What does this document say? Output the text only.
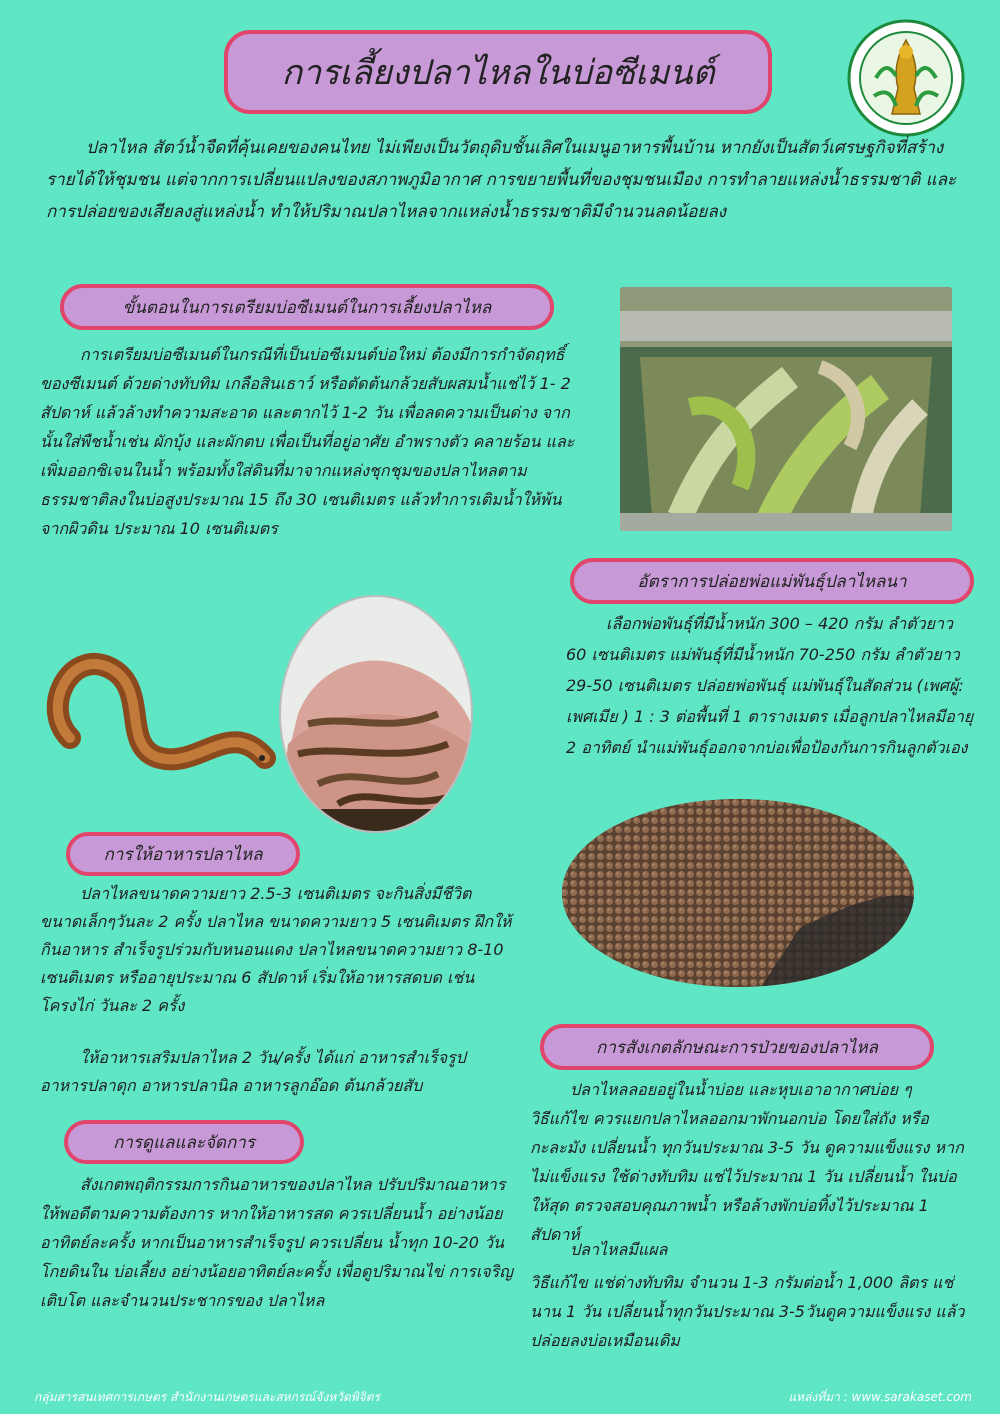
การเลี้ยงปลาไหลในบ่อซีเมนต์

ปลาไหล สัตว์น้ำจืดที่คุ้นเคยของคนไทย ไม่เพียงเป็นวัตถุดิบชั้นเลิศในเมนูอาหารพื้นบ้าน หากยังเป็นสัตว์เศรษฐกิจที่สร้างรายได้ให้ชุมชน แต่จากการเปลี่ยนแปลงของสภาพภูมิอากาศ การขยายพื้นที่ของชุมชนเมือง การทำลายแหล่งน้ำธรรมชาติ และการปล่อยของเสียลงสู่แหล่งน้ำ ทำให้ปริมาณปลาไหลจากแหล่งน้ำธรรมชาติมีจำนวนลดน้อยลง

ขั้นตอนในการเตรียมบ่อซีเมนต์ในการเลี้ยงปลาไหล

การเตรียมบ่อซีเมนต์ในกรณีที่เป็นบ่อซีเมนต์บ่อใหม่ ต้องมีการกำจัดฤทธิ์ของซีเมนต์ ด้วยด่างทับทิม เกลือสินเธาว์ หรือตัดต้นกล้วยสับผสมน้ำแช่ไว้ 1- 2 สัปดาห์ แล้วล้างทำความสะอาด และตากไว้ 1-2 วัน เพื่อลดความเป็นด่าง จากนั้นใส่พืชน้ำเช่น ผักบุ้ง และผักตบ เพื่อเป็นที่อยู่อาศัย อำพรางตัว คลายร้อน และเพิ่มออกซิเจนในน้ำ พร้อมทั้งใส่ดินที่มาจากแหล่งชุกชุมของปลาไหลตามธรรมชาติลงในบ่อสูงประมาณ 15 ถึง 30 เซนติเมตร แล้วทำการเติมน้ำให้พ้นจากผิวดิน ประมาณ 10 เซนติเมตร

อัตราการปล่อยพ่อแม่พันธุ์ปลาไหลนา

เลือกพ่อพันธุ์ที่มีน้ำหนัก 300 – 420 กรัม ลำตัวยาว 60 เซนติเมตร แม่พันธุ์ที่มีน้ำหนัก 70-250 กรัม ลำตัวยาว 29-50 เซนติเมตร ปล่อยพ่อพันธุ์ แม่พันธุ์ในสัดส่วน (เพศผู้: เพศเมีย ) 1 : 3 ต่อพื้นที่ 1 ตารางเมตร เมื่อลูกปลาไหลมีอายุ 2 อาทิตย์ นำแม่พันธุ์ออกจากบ่อเพื่อป้องกันการกินลูกตัวเอง

การให้อาหารปลาไหล

ปลาไหลขนาดความยาว 2.5-3 เซนติเมตร จะกินสิ่งมีชีวิตขนาดเล็กๆวันละ 2 ครั้ง ปลาไหล ขนาดความยาว 5 เซนติเมตร ฝึกให้กินอาหาร สำเร็จรูปร่วมกับหนอนแดง ปลาไหลขนาดความยาว 8-10 เซนติเมตร หรืออายุประมาณ 6 สัปดาห์ เริ่มให้อาหารสดบด เช่น โครงไก่ วันละ 2 ครั้ง

ให้อาหารเสริมปลาไหล 2 วัน/ครั้ง ได้แก่ อาหารสำเร็จรูป อาหารปลาดุก อาหารปลานิล อาหารลูกอ๊อด ต้นกล้วยสับ

การดูแลและจัดการ

สังเกตพฤติกรรมการกินอาหารของปลาไหล ปรับปริมาณอาหารให้พอดีตามความต้องการ หากให้อาหารสด ควรเปลี่ยนน้ำ อย่างน้อยอาทิตย์ละครั้ง หากเป็นอาหารสำเร็จรูป ควรเปลี่ยน น้ำทุก 10-20 วัน โกยดินใน บ่อเลี้ยง อย่างน้อยอาทิตย์ละครั้ง เพื่อดูปริมาณไข่ การเจริญ เติบโต และจำนวนประชากรของ ปลาไหล

การสังเกตลักษณะการป่วยของปลาไหล

ปลาไหลลอยอยู่ในน้ำบ่อย และหุบเอาอากาศบ่อย ๆ

วิธีแก้ไข ควรแยกปลาไหลออกมาพักนอกบ่อ โดยใส่ถัง หรือกะละมัง เปลี่ยนน้ำ ทุกวันประมาณ 3-5 วัน ดูความแข็งแรง หากไม่แข็งแรง ใช้ด่างทับทิม แช่ไว้ประมาณ 1 วัน เปลี่ยนน้ำ ในบ่อให้สุด ตรวจสอบคุณภาพน้ำ หรือล้างพักบ่อทิ้งไว้ประมาณ 1 สัปดาห์

ปลาไหลมีแผล

วิธีแก้ไข แช่ด่างทับทิม จำนวน 1-3 กรัมต่อน้ำ 1,000 ลิตร แช่นาน 1 วัน เปลี่ยนน้ำทุกวันประมาณ 3-5วันดูความแข็งแรง แล้วปล่อยลงบ่อเหมือนเดิม

กลุ่มสารสนเทศการเกษตร สำนักงานเกษตรและสหกรณ์จังหวัดพิจิตร	แหล่งที่มา : www.sarakaset.com
